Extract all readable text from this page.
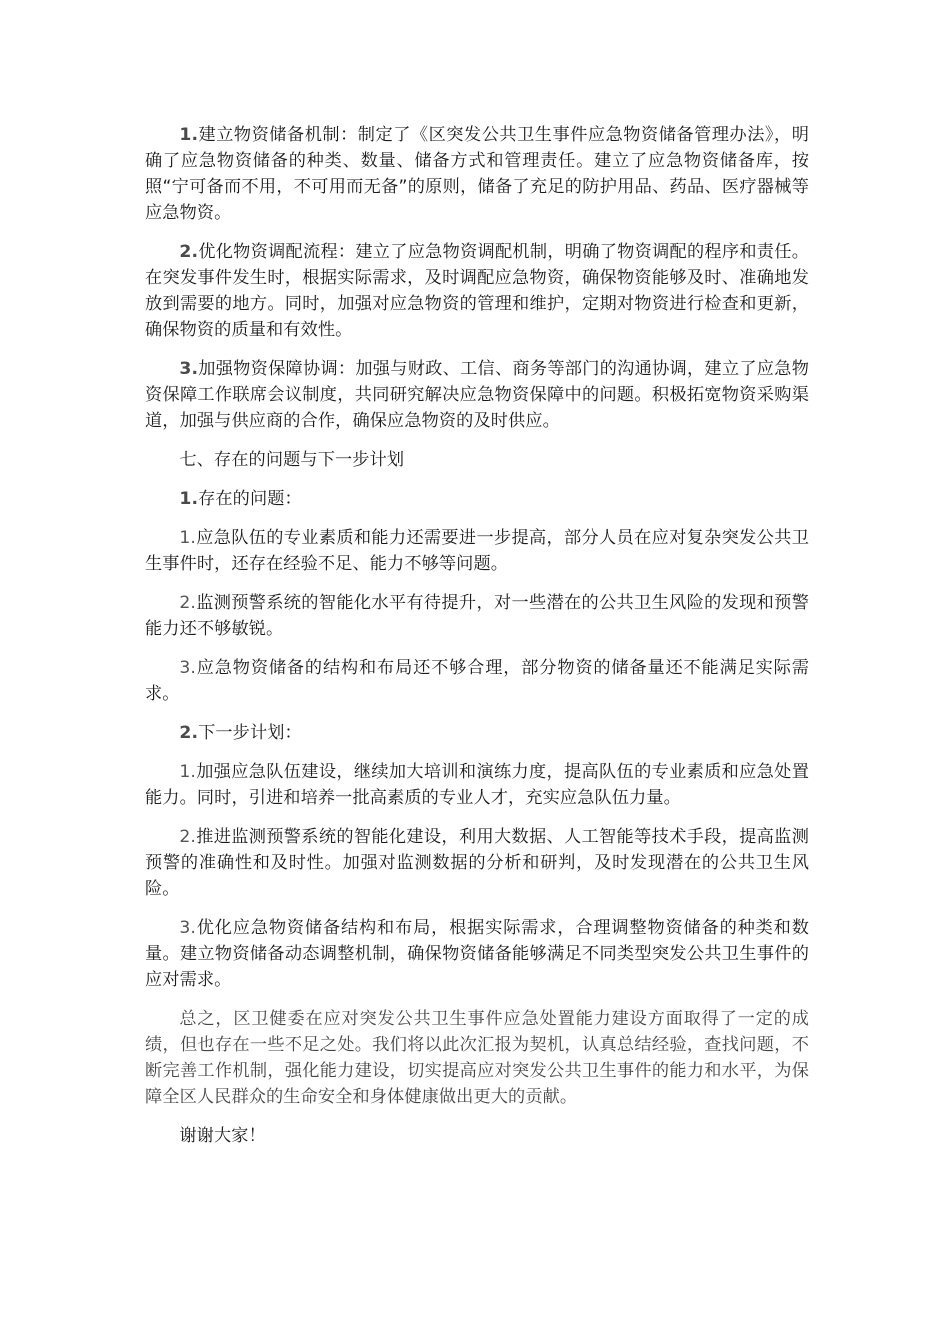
1.建立物资储备机制：制定了《区突发公共卫生事件应急物资储备管理办法》，明确了应急物资储备的种类、数量、储备方式和管理责任。建立了应急物资储备库，按照“宁可备而不用，不可用而无备”的原则，储备了充足的防护用品、药品、医疗器械等应急物资。

2.优化物资调配流程：建立了应急物资调配机制，明确了物资调配的程序和责任。在突发事件发生时，根据实际需求，及时调配应急物资，确保物资能够及时、准确地发放到需要的地方。同时，加强对应急物资的管理和维护，定期对物资进行检查和更新，确保物资的质量和有效性。

3.加强物资保障协调：加强与财政、工信、商务等部门的沟通协调，建立了应急物资保障工作联席会议制度，共同研究解决应急物资保障中的问题。积极拓宽物资采购渠道，加强与供应商的合作，确保应急物资的及时供应。

七、存在的问题与下一步计划

1.存在的问题：

1.应急队伍的专业素质和能力还需要进一步提高，部分人员在应对复杂突发公共卫生事件时，还存在经验不足、能力不够等问题。

2.监测预警系统的智能化水平有待提升，对一些潜在的公共卫生风险的发现和预警能力还不够敏锐。

3.应急物资储备的结构和布局还不够合理，部分物资的储备量还不能满足实际需求。

2.下一步计划：

1.加强应急队伍建设，继续加大培训和演练力度，提高队伍的专业素质和应急处置能力。同时，引进和培养一批高素质的专业人才，充实应急队伍力量。

2.推进监测预警系统的智能化建设，利用大数据、人工智能等技术手段，提高监测预警的准确性和及时性。加强对监测数据的分析和研判，及时发现潜在的公共卫生风险。

3.优化应急物资储备结构和布局，根据实际需求，合理调整物资储备的种类和数量。建立物资储备动态调整机制，确保物资储备能够满足不同类型突发公共卫生事件的应对需求。

总之，区卫健委在应对突发公共卫生事件应急处置能力建设方面取得了一定的成绩，但也存在一些不足之处。我们将以此次汇报为契机，认真总结经验，查找问题，不断完善工作机制，强化能力建设，切实提高应对突发公共卫生事件的能力和水平，为保障全区人民群众的生命安全和身体健康做出更大的贡献。

谢谢大家！
